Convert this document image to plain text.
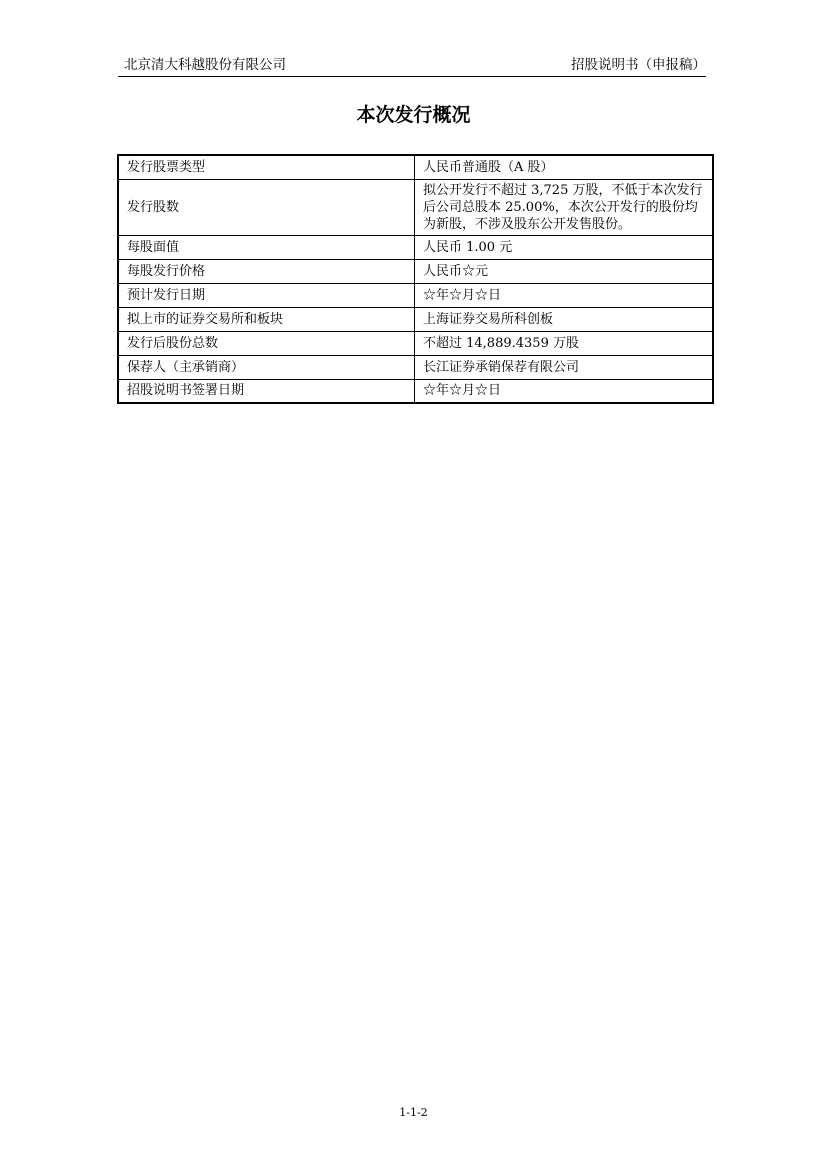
北京清大科越股份有限公司	招股说明书（申报稿）
本次发行概况
发行股票类型	人民币普通股（A 股）
发行股数	拟公开发行不超过 3,725 万股，不低于本次发行后公司总股本 25.00%，本次公开发行的股份均为新股，不涉及股东公开发售股份。
每股面值	人民币 1.00 元
每股发行价格	人民币☆元
预计发行日期	☆年☆月☆日
拟上市的证券交易所和板块	上海证券交易所科创板
发行后股份总数	不超过 14,889.4359 万股
保荐人（主承销商）	长江证券承销保荐有限公司
招股说明书签署日期	☆年☆月☆日
1-1-2
